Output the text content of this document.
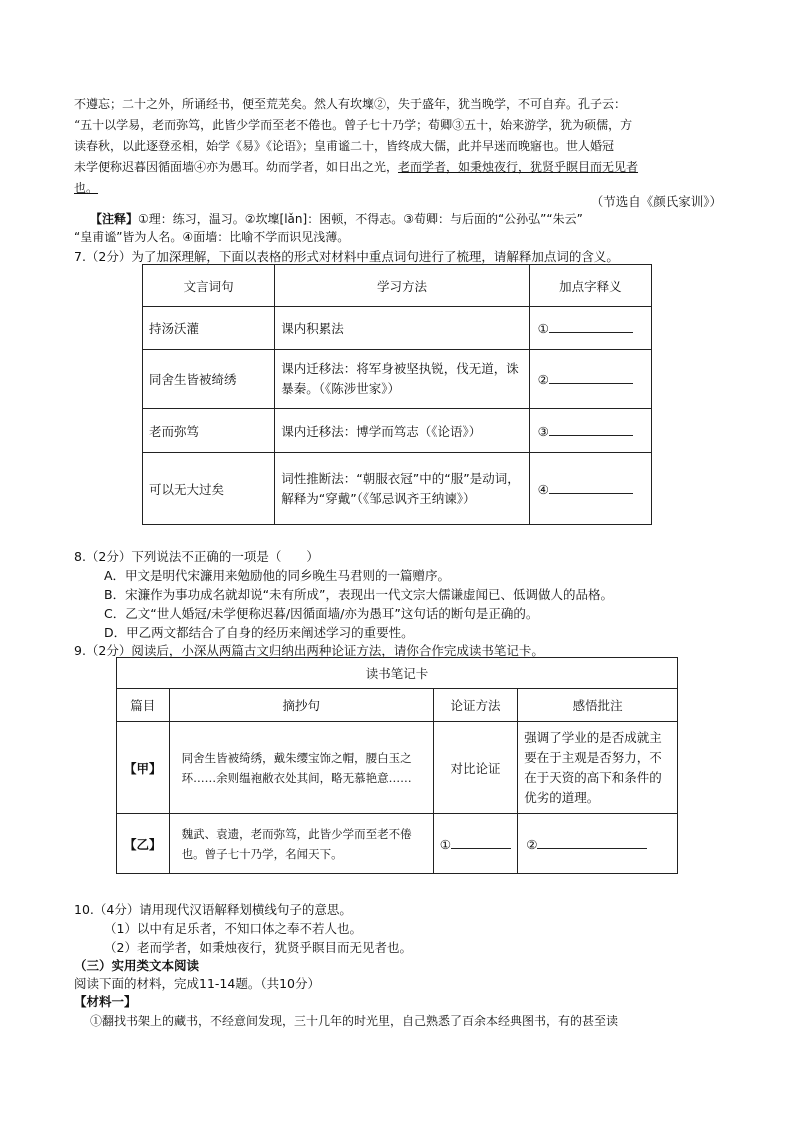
不遵忘；二十之外，所诵经书，便至荒芜矣。然人有坎壈②，失于盛年，犹当晚学，不可自弃。孔子云：
“五十以学易，老而弥笃，此皆少学而至老不倦也。曾子七十乃学；荀卿③五十，始来游学，犹为硕儒，方
读春秋，以此逐登丞相，始学《易》《论语》；皇甫谧二十，皆终成大儒，此并早迷而晚寤也。世人婚冠
未学便称迟暮因循面墙④亦为愚耳。幼而学者，如日出之光，老而学者，如秉烛夜行，犹贤乎瞑目而无见者
也。
（节选自《颜氏家训》）
【注释】①理：练习，温习。②坎壈[lǎn]：困顿，不得志。③荀卿：与后面的“公孙弘”“朱云”
“皇甫谧”皆为人名。④面墙：比喻不学而识见浅薄。
7.（2分）为了加深理解，下面以表格的形式对材料中重点词句进行了梳理，请解释加点词的含义。
文言词句	学习方法	加点字释义
持汤沃灌	课内积累法	①
同舍生皆被绮绣	课内迁移法：将军身被坚执锐，伐无道，诛暴秦。（《陈涉世家》）	②
老而弥笃	课内迁移法：博学而笃志（《论语》）	③
可以无大过矣	词性推断法：“朝服衣冠”中的“服”是动词，解释为“穿戴”（《邹忌讽齐王纳谏》）	④
8.（2分）下列说法不正确的一项是（　　）
A．甲文是明代宋濂用来勉励他的同乡晚生马君则的一篇赠序。
B．宋濂作为事功成名就却说“未有所成”，表现出一代文宗大儒谦虚闻已、低调做人的品格。
C．乙文“世人婚冠/未学便称迟暮/因循面墙/亦为愚耳”这句话的断句是正确的。
D．甲乙两文都结合了自身的经历来阐述学习的重要性。
9.（2分）阅读后，小深从两篇古文归纳出两种论证方法，请你合作完成读书笔记卡。
读书笔记卡			
篇目	摘抄句	论证方法	感悟批注
【甲】	同舍生皆被绮绣，戴朱缨宝饰之帽，腰白玉之环……余则缊袍敝衣处其间，略无慕艳意……	对比论证	强调了学业的是否成就主要在于主观是否努力，不在于天资的高下和条件的优劣的道理。
【乙】	魏武、袁遗，老而弥笃，此皆少学而至老不倦也。曾子七十乃学，名闻天下。	①	②
10.（4分）请用现代汉语解释划横线句子的意思。
（1）以中有足乐者，不知口体之奉不若人也。
（2）老而学者，如秉烛夜行，犹贤乎瞑目而无见者也。
（三）实用类文本阅读
阅读下面的材料，完成11-14题。（共10分）
【材料一】
①翻找书架上的藏书，不经意间发现，三十几年的时光里，自己熟悉了百余本经典图书，有的甚至读
